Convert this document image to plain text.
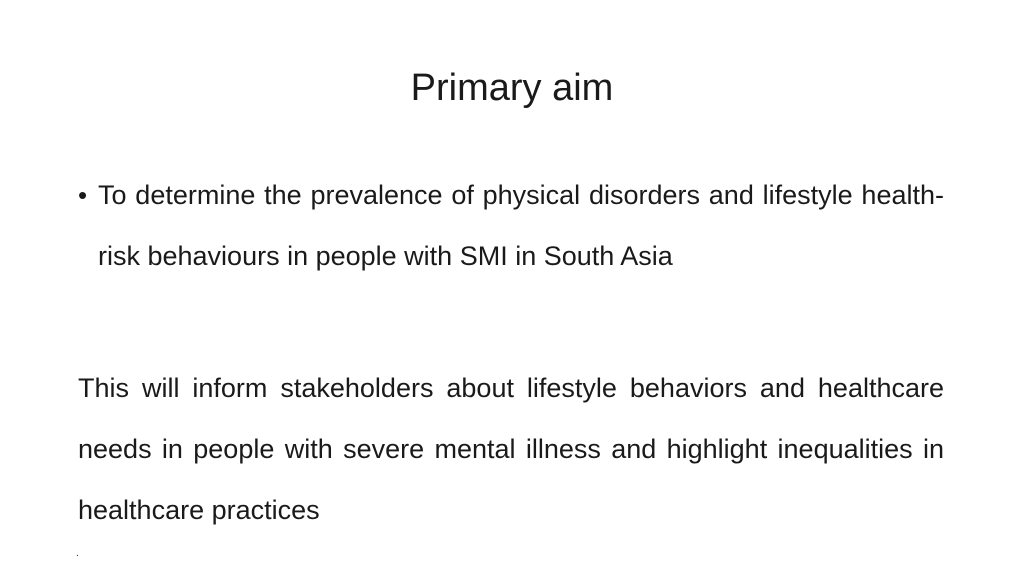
Primary aim
• To determine the prevalence of physical disorders and lifestyle health-risk behaviours in people with SMI in South Asia

This will inform stakeholders about lifestyle behaviors and healthcare needs in people with severe mental illness and highlight inequalities in healthcare practices

.
